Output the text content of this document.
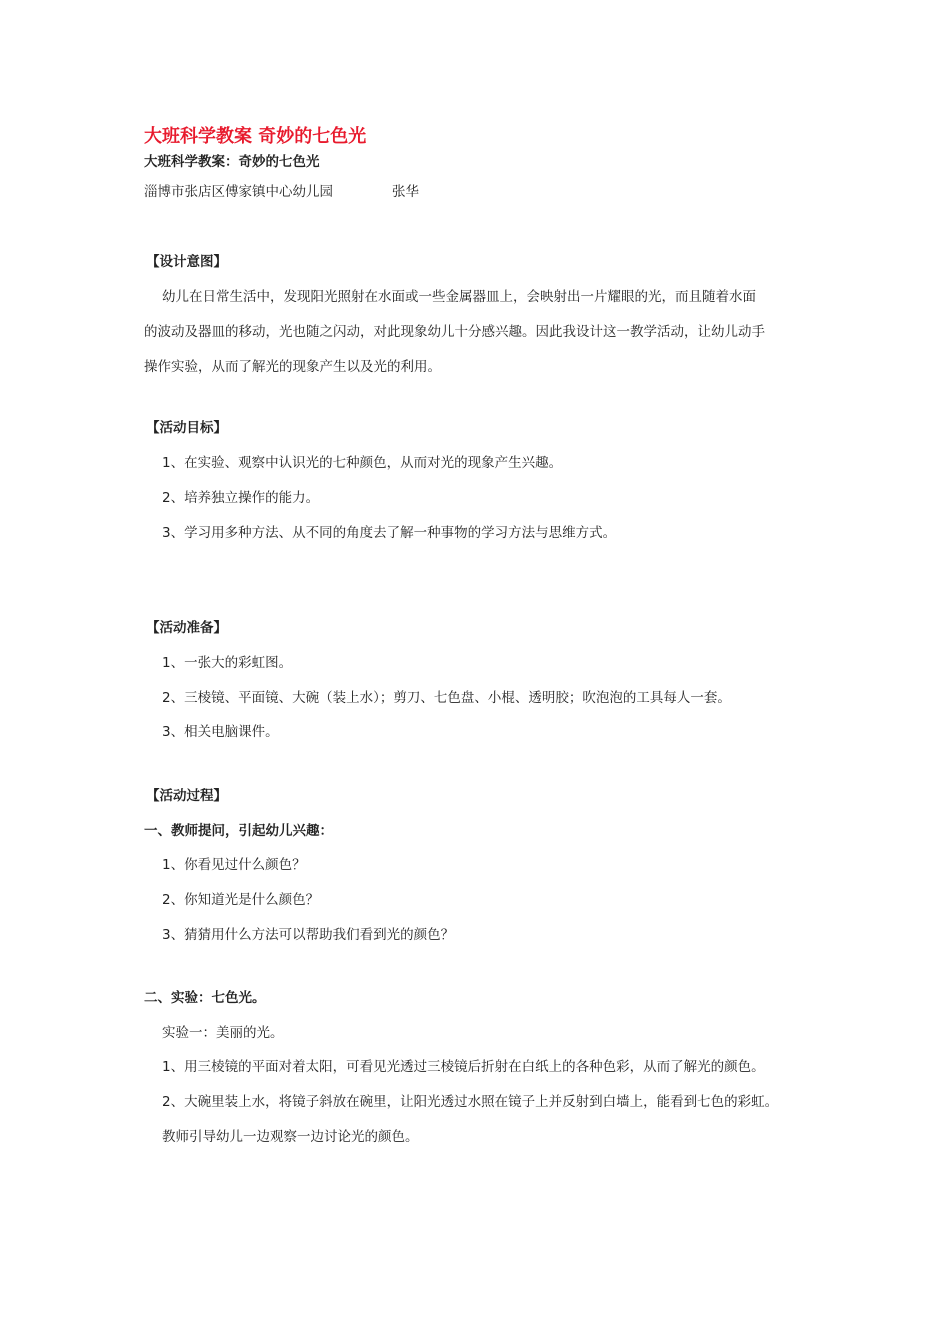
大班科学教案 奇妙的七色光
大班科学教案：奇妙的七色光
淄博市张店区傅家镇中心幼儿园	张华
【设计意图】
幼儿在日常生活中，发现阳光照射在水面或一些金属器皿上，会映射出一片耀眼的光，而且随着水面
的波动及器皿的移动，光也随之闪动，对此现象幼儿十分感兴趣。因此我设计这一教学活动，让幼儿动手
操作实验，从而了解光的现象产生以及光的利用。
【活动目标】
1、在实验、观察中认识光的七种颜色，从而对光的现象产生兴趣。
2、培养独立操作的能力。
3、学习用多种方法、从不同的角度去了解一种事物的学习方法与思维方式。
【活动准备】
1、一张大的彩虹图。
2、三棱镜、平面镜、大碗（装上水）；剪刀、七色盘、小棍、透明胶；吹泡泡的工具每人一套。
3、相关电脑课件。
【活动过程】
一、教师提问，引起幼儿兴趣：
1、你看见过什么颜色？
2、你知道光是什么颜色？
3、猜猜用什么方法可以帮助我们看到光的颜色？
二、实验：七色光。
实验一：美丽的光。
1、用三棱镜的平面对着太阳，可看见光透过三棱镜后折射在白纸上的各种色彩，从而了解光的颜色。
2、大碗里装上水，将镜子斜放在碗里，让阳光透过水照在镜子上并反射到白墙上，能看到七色的彩虹。
教师引导幼儿一边观察一边讨论光的颜色。
